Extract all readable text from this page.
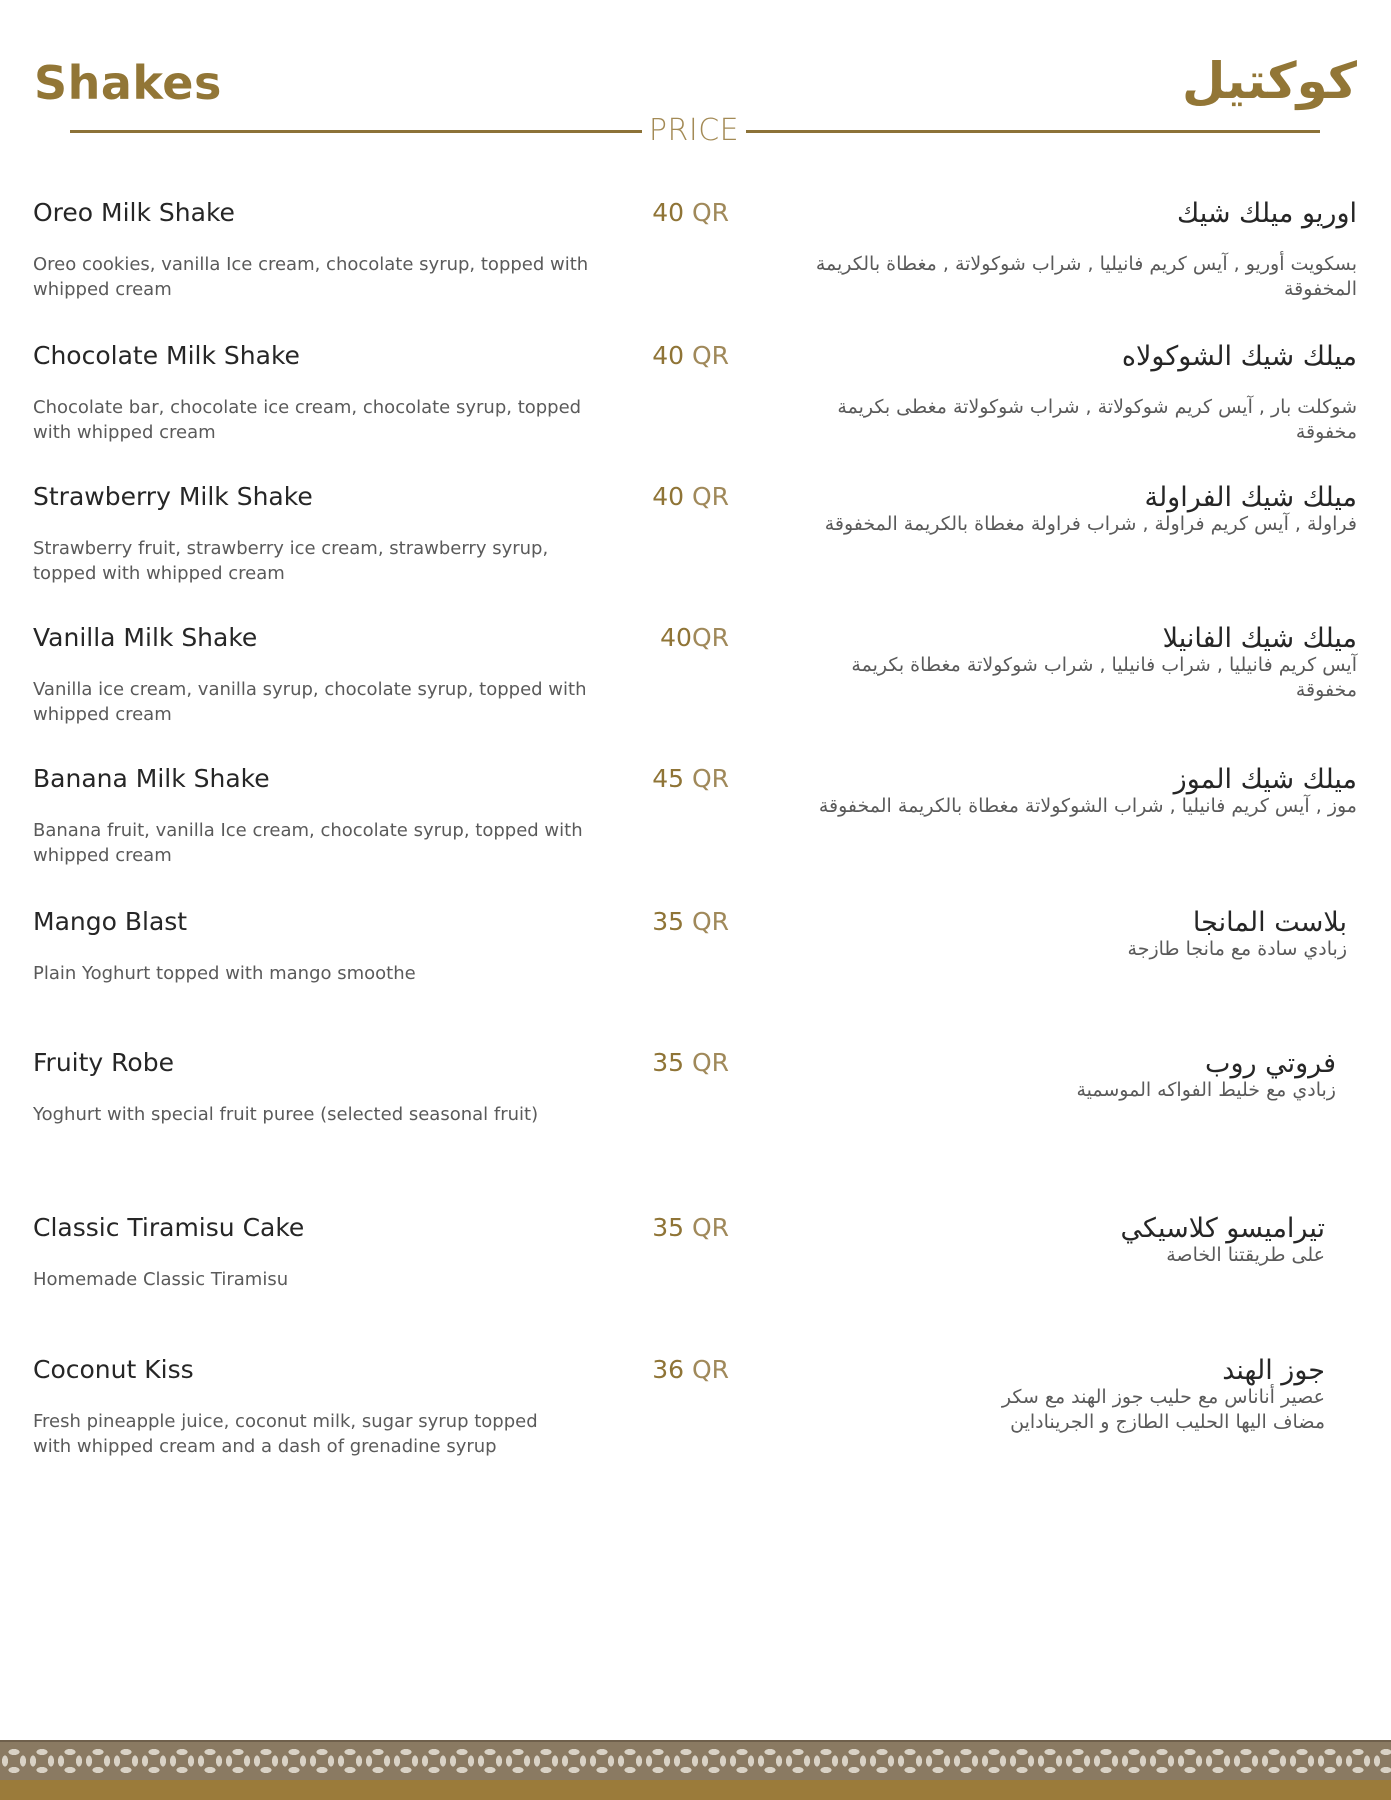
Shakes	كوكتيل
PRICE
Oreo Milk Shake
Oreo cookies, vanilla Ice cream, chocolate syrup, topped with whipped cream
40 QR	اوريو ميلك شيك
بسكويت أوريو , آيس كريم فانيليا , شراب شوكولاتة , مغطاة بالكريمة المخفوقة
Chocolate Milk Shake
Chocolate bar, chocolate ice cream, chocolate syrup, topped with whipped cream
40 QR	ميلك شيك الشوكولاه
شوكلت بار , آيس كريم شوكولاتة , شراب شوكولاتة مغطى بكريمة مخفوقة
Strawberry Milk Shake
Strawberry fruit, strawberry ice cream, strawberry syrup, topped with whipped cream
40 QR	ميلك شيك الفراولة
فراولة , آيس كريم فراولة , شراب فراولة مغطاة بالكريمة المخفوقة
Vanilla Milk Shake
Vanilla ice cream, vanilla syrup, chocolate syrup, topped with whipped cream
40QR	ميلك شيك الفانيلا
آيس كريم فانيليا , شراب فانيليا , شراب شوكولاتة مغطاة بكريمة مخفوقة
Banana Milk Shake
Banana fruit, vanilla Ice cream, chocolate syrup, topped with whipped cream
45 QR	ميلك شيك الموز
موز , آيس كريم فانيليا , شراب الشوكولاتة مغطاة بالكريمة المخفوقة
Mango Blast
Plain Yoghurt topped with mango smoothe
35 QR	بلاست المانجا
زبادي سادة مع مانجا طازجة
Fruity Robe
Yoghurt with special fruit puree (selected seasonal fruit)
35 QR	فروتي روب
زبادي مع خليط الفواكه الموسمية
Classic Tiramisu Cake
Homemade Classic Tiramisu
35 QR	تيراميسو كلاسيكي
على طريقتنا الخاصة
Coconut Kiss
Fresh pineapple juice, coconut milk, sugar syrup topped with whipped cream and a dash of grenadine syrup
36 QR	جوز الهند
عصير أناناس مع حليب جوز الهند مع سكر مضاف اليها الحليب الطازج و الجريناداين
